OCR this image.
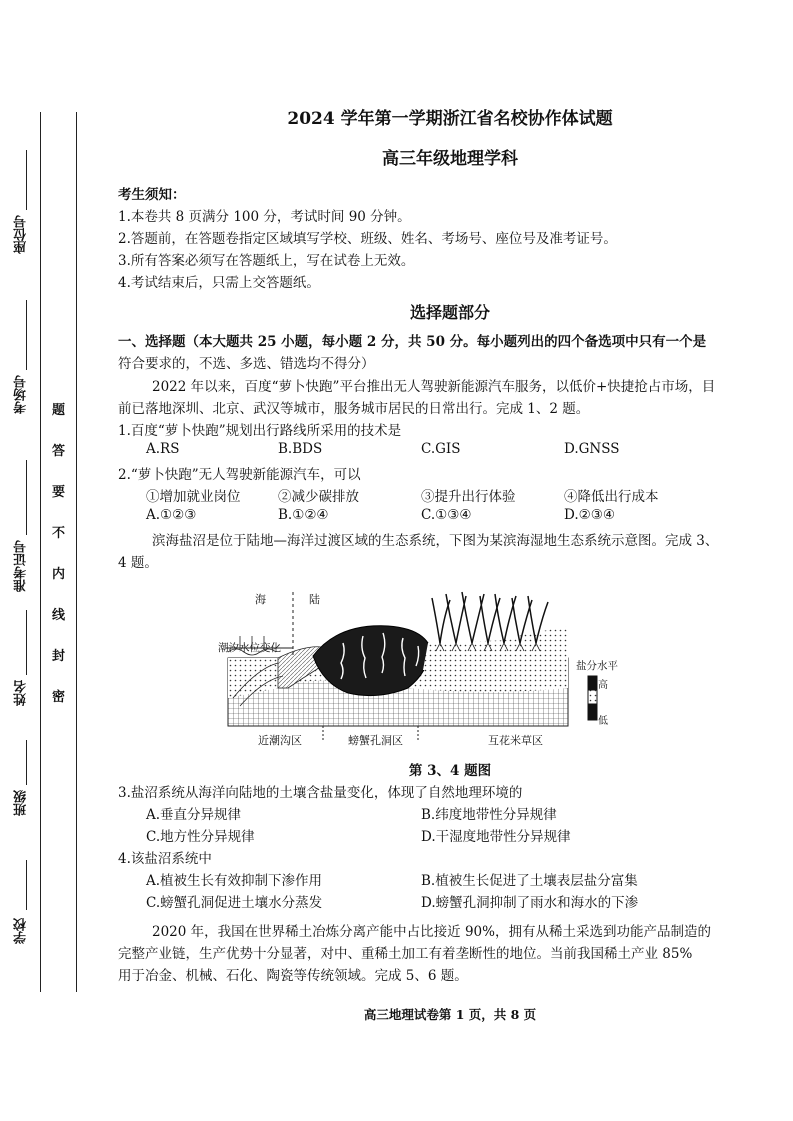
座位号
考场号
准考证号
姓名
班级
学校
题
答
要
不
内
线
封
密
2024 学年第一学期浙江省名校协作体试题
高三年级地理学科
考生须知：
1.本卷共 8 页满分 100 分，考试时间 90 分钟。
2.答题前，在答题卷指定区域填写学校、班级、姓名、考场号、座位号及准考证号。
3.所有答案必须写在答题纸上，写在试卷上无效。
4.考试结束后，只需上交答题纸。
选择题部分
一、选择题（本大题共 25 小题，每小题 2 分，共 50 分。每小题列出的四个备选项中只有一个是
符合要求的，不选、多选、错选均不得分）
2022 年以来，百度“萝卜快跑”平台推出无人驾驶新能源汽车服务，以低价+快捷抢占市场，目
前已落地深圳、北京、武汉等城市，服务城市居民的日常出行。完成 1、2 题。
1.百度“萝卜快跑”规划出行路线所采用的技术是
A.RS	B.BDS	C.GIS	D.GNSS
2.“萝卜快跑”无人驾驶新能源汽车，可以
①增加就业岗位	②减少碳排放	③提升出行体验	④降低出行成本
A.①②③	B.①②④	C.①③④	D.②③④
滨海盐沼是位于陆地—海洋过渡区域的生态系统，下图为某滨海湿地生态系统示意图。完成 3、
4 题。
海	陆
潮汐水位变化
盐分水平
高
低
近潮沟区	螃蟹孔洞区	互花米草区
第 3、4 题图
3.盐沼系统从海洋向陆地的土壤含盐量变化，体现了自然地理环境的
A.垂直分异规律	B.纬度地带性分异规律
C.地方性分异规律	D.干湿度地带性分异规律
4.该盐沼系统中
A.植被生长有效抑制下渗作用	B.植被生长促进了土壤表层盐分富集
C.螃蟹孔洞促进土壤水分蒸发	D.螃蟹孔洞抑制了雨水和海水的下渗
2020 年，我国在世界稀土冶炼分离产能中占比接近 90%，拥有从稀土采选到功能产品制造的
完整产业链，生产优势十分显著，对中、重稀土加工有着垄断性的地位。当前我国稀土产业 85%
用于冶金、机械、石化、陶瓷等传统领域。完成 5、6 题。
高三地理试卷第 1 页，共 8 页
